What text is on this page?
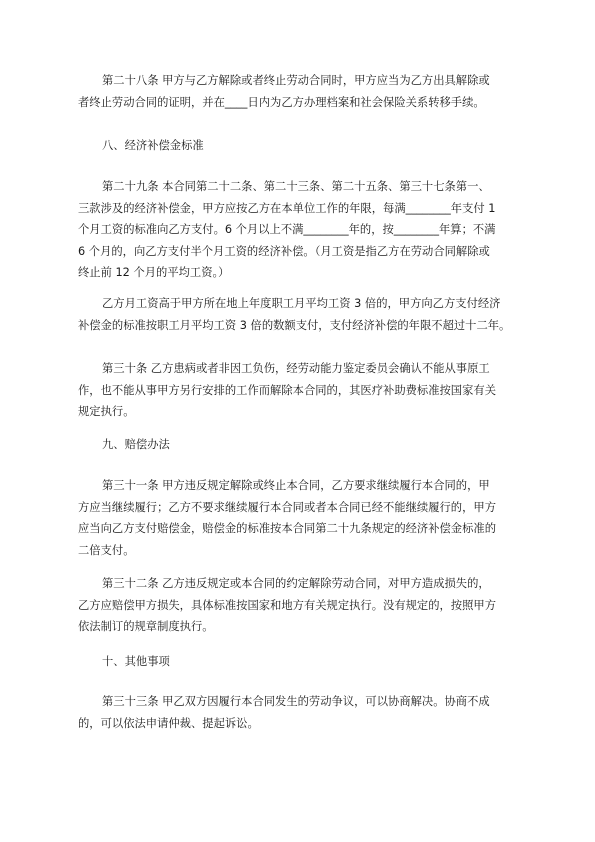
第二十八条 甲方与乙方解除或者终止劳动合同时，甲方应当为乙方出具解除或
者终止劳动合同的证明，并在____日内为乙方办理档案和社会保险关系转移手续。
八、经济补偿金标准
第二十九条 本合同第二十二条、第二十三条、第二十五条、第三十七条第一、
三款涉及的经济补偿金，甲方应按乙方在本单位工作的年限，每满________年支付 1
个月工资的标准向乙方支付。6 个月以上不满________年的，按________年算；不满
6 个月的，向乙方支付半个月工资的经济补偿。（月工资是指乙方在劳动合同解除或
终止前 12 个月的平均工资。）
乙方月工资高于甲方所在地上年度职工月平均工资 3 倍的，甲方向乙方支付经济
补偿金的标准按职工月平均工资 3 倍的数额支付，支付经济补偿的年限不超过十二年。
第三十条 乙方患病或者非因工负伤，经劳动能力鉴定委员会确认不能从事原工
作，也不能从事甲方另行安排的工作而解除本合同的，其医疗补助费标准按国家有关
规定执行。
九、赔偿办法
第三十一条 甲方违反规定解除或终止本合同，乙方要求继续履行本合同的，甲
方应当继续履行；乙方不要求继续履行本合同或者本合同已经不能继续履行的，甲方
应当向乙方支付赔偿金，赔偿金的标准按本合同第二十九条规定的经济补偿金标准的
二倍支付。
第三十二条 乙方违反规定或本合同的约定解除劳动合同，对甲方造成损失的，
乙方应赔偿甲方损失，具体标准按国家和地方有关规定执行。没有规定的，按照甲方
依法制订的规章制度执行。
十、其他事项
第三十三条 甲乙双方因履行本合同发生的劳动争议，可以协商解决。协商不成
的，可以依法申请仲裁、提起诉讼。
